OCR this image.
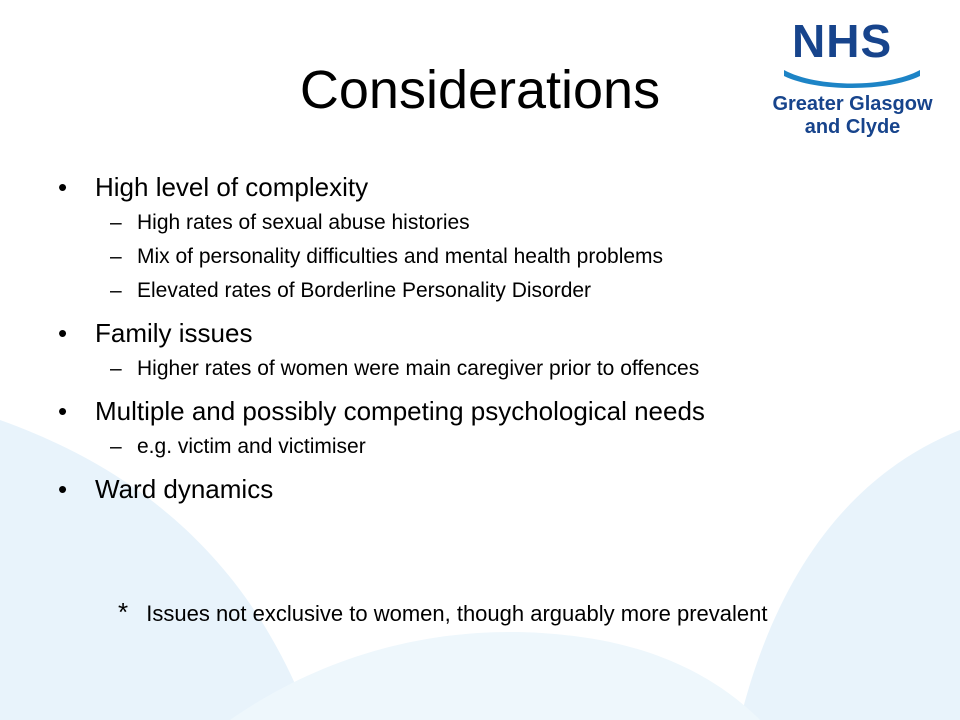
NHS
Greater Glasgow
and Clyde
Considerations
• High level of complexity
– High rates of sexual abuse histories
– Mix of personality difficulties and mental health problems
– Elevated rates of Borderline Personality Disorder
• Family issues
– Higher rates of women were main caregiver prior to offences
• Multiple and possibly competing psychological needs
– e.g. victim and victimiser
• Ward dynamics
* Issues not exclusive to women, though arguably more prevalent
